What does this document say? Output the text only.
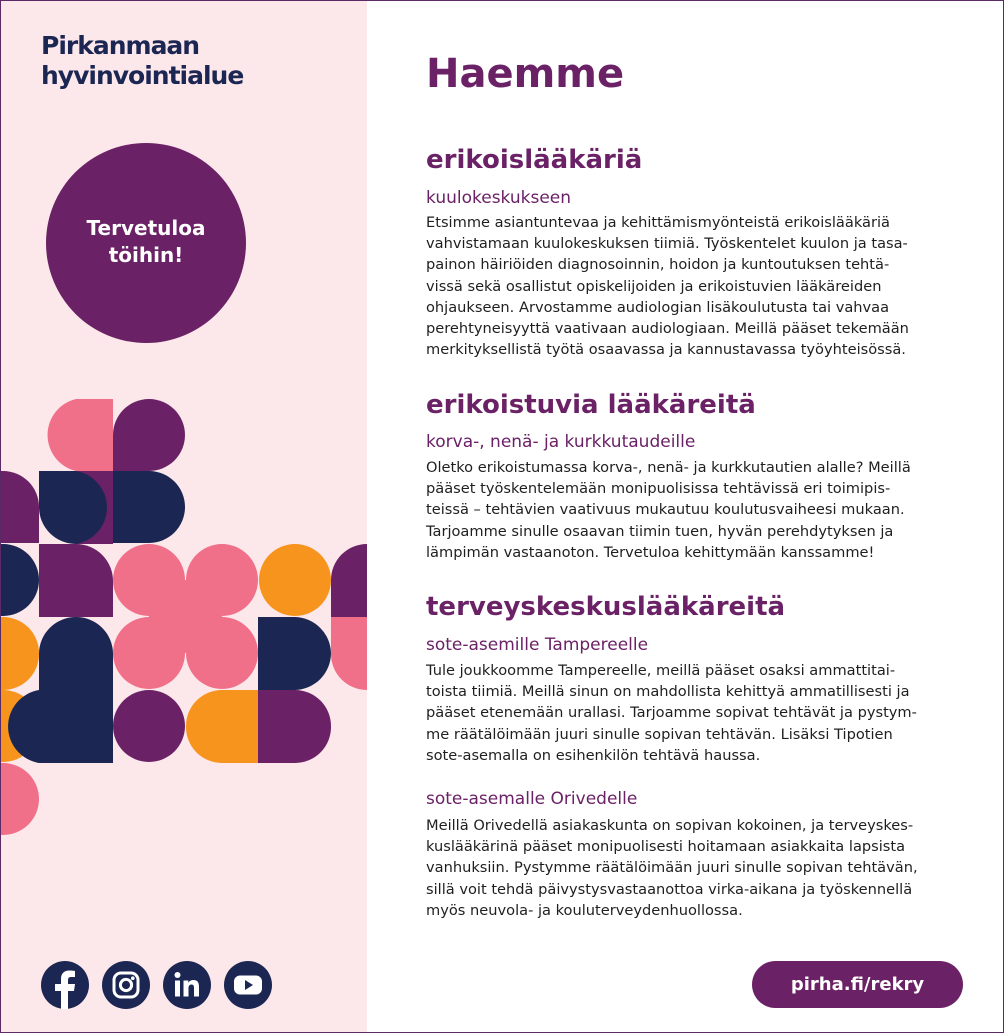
Pirkanmaan
hyvinvointialue
Tervetuloa
töihin!
Haemme
erikoislääkäriä
kuulokeskukseen
Etsimme asiantuntevaa ja kehittämismyönteistä erikoislääkäriä
vahvistamaan kuulokeskuksen tiimiä. Työskentelet kuulon ja tasa-
painon häiriöiden diagnosoinnin, hoidon ja kuntoutuksen tehtä-
vissä sekä osallistut opiskelijoiden ja erikoistuvien lääkäreiden
ohjaukseen. Arvostamme audiologian lisäkoulutusta tai vahvaa
perehtyneisyyttä vaativaan audiologiaan. Meillä pääset tekemään
merkityksellistä työtä osaavassa ja kannustavassa työyhteisössä.
erikoistuvia lääkäreitä
korva-, nenä- ja kurkkutaudeille
Oletko erikoistumassa korva-, nenä- ja kurkkutautien alalle? Meillä
pääset työskentelemään monipuolisissa tehtävissä eri toimipis-
teissä – tehtävien vaativuus mukautuu koulutusvaiheesi mukaan.
Tarjoamme sinulle osaavan tiimin tuen, hyvän perehdytyksen ja
lämpimän vastaanoton. Tervetuloa kehittymään kanssamme!
terveyskeskuslääkäreitä
sote-asemille Tampereelle
Tule joukkoomme Tampereelle, meillä pääset osaksi ammattitai-
toista tiimiä. Meillä sinun on mahdollista kehittyä ammatillisesti ja
pääset etenemään urallasi. Tarjoamme sopivat tehtävät ja pystym-
me räätälöimään juuri sinulle sopivan tehtävän. Lisäksi Tipotien
sote-asemalla on esihenkilön tehtävä haussa.
sote-asemalle Orivedelle
Meillä Orivedellä asiakaskunta on sopivan kokoinen, ja terveyskes-
kuslääkärinä pääset monipuolisesti hoitamaan asiakkaita lapsista
vanhuksiin. Pystymme räätälöimään juuri sinulle sopivan tehtävän,
sillä voit tehdä päivystysvastaanottoa virka-aikana ja työskennellä
myös neuvola- ja kouluterveydenhuollossa.
pirha.fi/rekry
